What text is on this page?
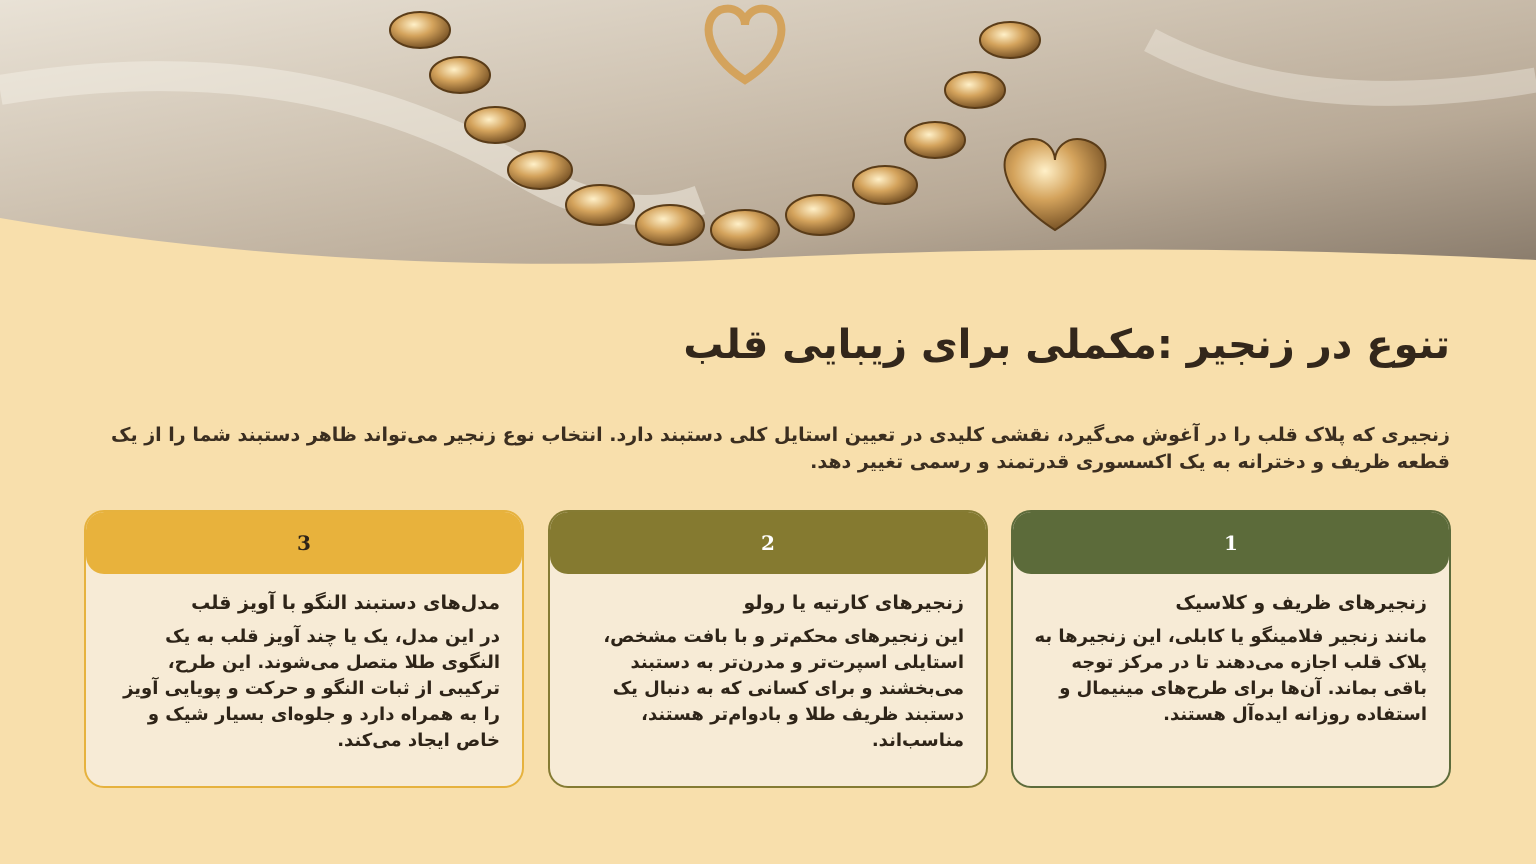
تنوع در زنجیر :مکملی برای زیبایی قلب

زنجیری که پلاک قلب را در آغوش می‌گیرد، نقشی کلیدی در تعیین استایل کلی دستبند دارد. انتخاب نوع زنجیر می‌تواند ظاهر دستبند شما را از یک قطعه ظریف و دخترانه به یک اکسسوری قدرتمند و رسمی تغییر دهد.

1
زنجیرهای ظریف و کلاسیک

مانند زنجیر فلامینگو یا کابلی، این زنجیرها به پلاک قلب اجازه می‌دهند تا در مرکز توجه باقی بماند. آن‌ها برای طرح‌های مینیمال و استفاده روزانه ایده‌آل هستند.

2
زنجیرهای کارتیه یا رولو

این زنجیرهای محکم‌تر و با بافت مشخص، استایلی اسپرت‌تر و مدرن‌تر به دستبند می‌بخشند و برای کسانی که به دنبال یک دستبند ظریف طلا و بادوام‌تر هستند، مناسب‌اند.

3
مدل‌های دستبند النگو با آویز قلب

در این مدل، یک یا چند آویز قلب به یک النگوی طلا متصل می‌شوند. این طرح، ترکیبی از ثبات النگو و حرکت و پویایی آویز را به همراه دارد و جلوه‌ای بسیار شیک و خاص ایجاد می‌کند.
